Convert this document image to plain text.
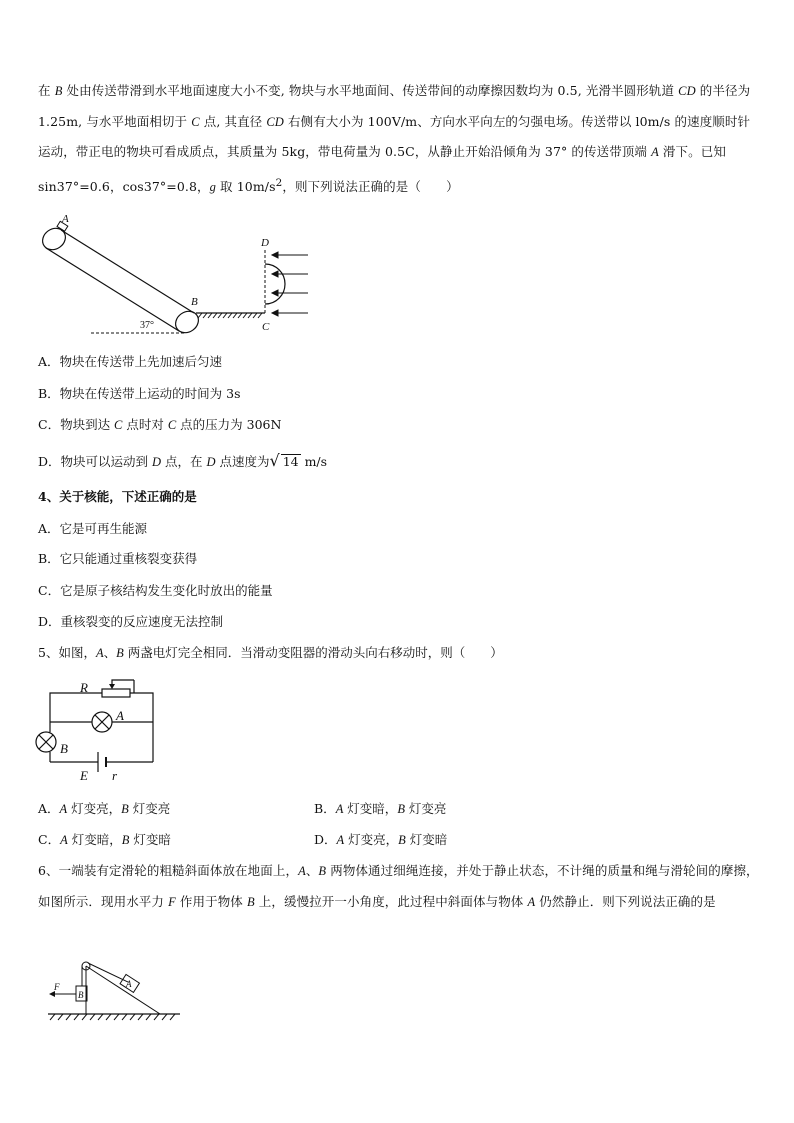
在 B 处由传送带滑到水平地面速度大小不变, 物块与水平地面间、传送带间的动摩擦因数均为 0.5, 光滑半圆形轨道 CD 的半径为 1.25m, 与水平地面相切于 C 点, 其直径 CD 右侧有大小为 100V/m、方向水平向左的匀强电场。传送带以 l0m/s 的速度顺时针运动，带正电的物块可看成质点，其质量为 5kg，带电荷量为 0.5C，从静止开始沿倾角为 37° 的传送带顶端 A 滑下。已知 sin37°=0.6，cos37°=0.8，g 取 $10m/s^2$，则下列说法正确的是（　　）
A
B
37°
D
C
A．物块在传送带上先加速后匀速
B．物块在传送带上运动的时间为 3s
C．物块到达 C 点时对 C 点的压力为 306N
D．物块可以运动到 D 点，在 D 点速度为√ 14 m/s
4、关于核能，下述正确的是
A．它是可再生能源
B．它只能通过重核裂变获得
C．它是原子核结构发生变化时放出的能量
D．重核裂变的反应速度无法控制
5、如图，A、B 两盏电灯完全相同．当滑动变阻器的滑动头向右移动时，则（　　）
R
A
B
E r
A．A 灯变亮，B 灯变亮	B．A 灯变暗，B 灯变亮
C．A 灯变暗，B 灯变暗	D．A 灯变亮，B 灯变暗
6、一端装有定滑轮的粗糙斜面体放在地面上，A、B 两物体通过细绳连接，并处于静止状态，不计绳的质量和绳与滑轮间的摩擦，如图所示．现用水平力 F 作用于物体 B 上，缓慢拉开一小角度，此过程中斜面体与物体 A 仍然静止．则下列说法正确的是
F
B
A
